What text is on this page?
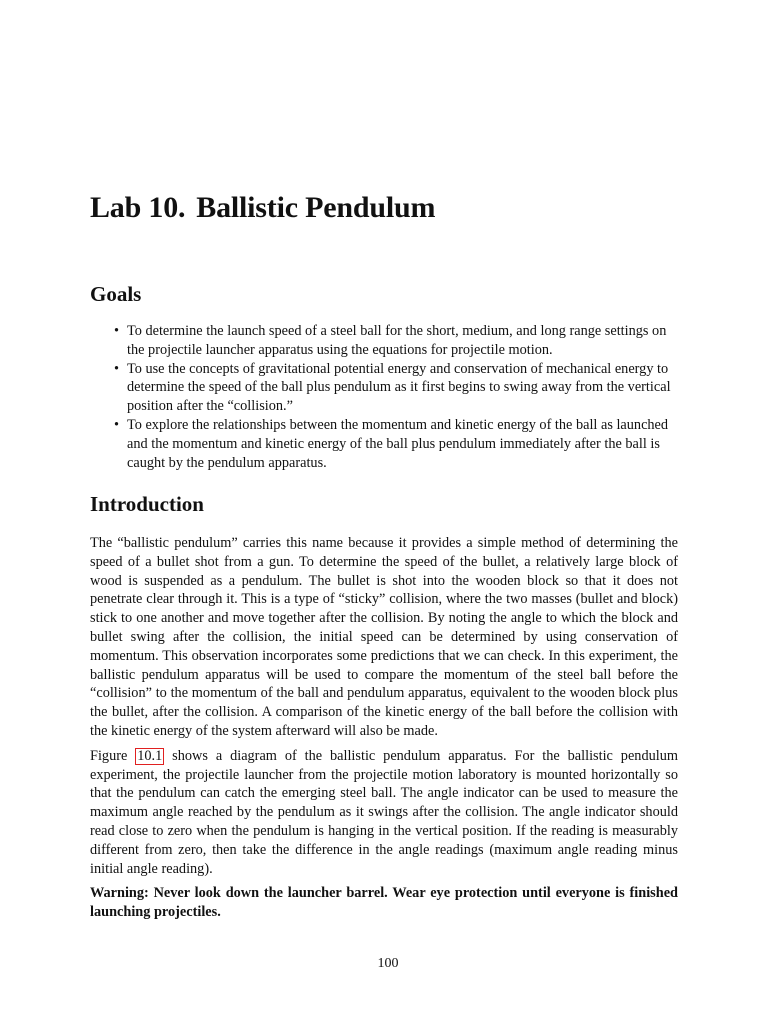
Lab 10. Ballistic Pendulum
Goals
• To determine the launch speed of a steel ball for the short, medium, and long range settings on the projectile launcher apparatus using the equations for projectile motion.
• To use the concepts of gravitational potential energy and conservation of mechanical energy to determine the speed of the ball plus pendulum as it first begins to swing away from the vertical position after the “collision.”
• To explore the relationships between the momentum and kinetic energy of the ball as launched and the momentum and kinetic energy of the ball plus pendulum immediately after the ball is caught by the pendulum apparatus.
Introduction

The “ballistic pendulum” carries this name because it provides a simple method of determining the speed of a bullet shot from a gun. To determine the speed of the bullet, a relatively large block of wood is suspended as a pendulum. The bullet is shot into the wooden block so that it does not penetrate clear through it. This is a type of “sticky” collision, where the two masses (bullet and block) stick to one another and move together after the collision. By noting the angle to which the block and bullet swing after the collision, the initial speed can be determined by using conservation of momentum. This observation incorporates some predictions that we can check. In this experiment, the ballistic pendulum apparatus will be used to compare the momentum of the steel ball before the “collision” to the momentum of the ball and pendulum apparatus, equivalent to the wooden block plus the bullet, after the collision. A comparison of the kinetic energy of the ball before the collision with the kinetic energy of the system afterward will also be made.

Figure 10.1 shows a diagram of the ballistic pendulum apparatus. For the ballistic pendulum experiment, the projectile launcher from the projectile motion laboratory is mounted horizontally so that the pendulum can catch the emerging steel ball. The angle indicator can be used to measure the maximum angle reached by the pendulum as it swings after the collision. The angle indicator should read close to zero when the pendulum is hanging in the vertical position. If the reading is measurably different from zero, then take the difference in the angle readings (maximum angle reading minus initial angle reading).

Warning: Never look down the launcher barrel. Wear eye protection until everyone is finished launching projectiles.

100
